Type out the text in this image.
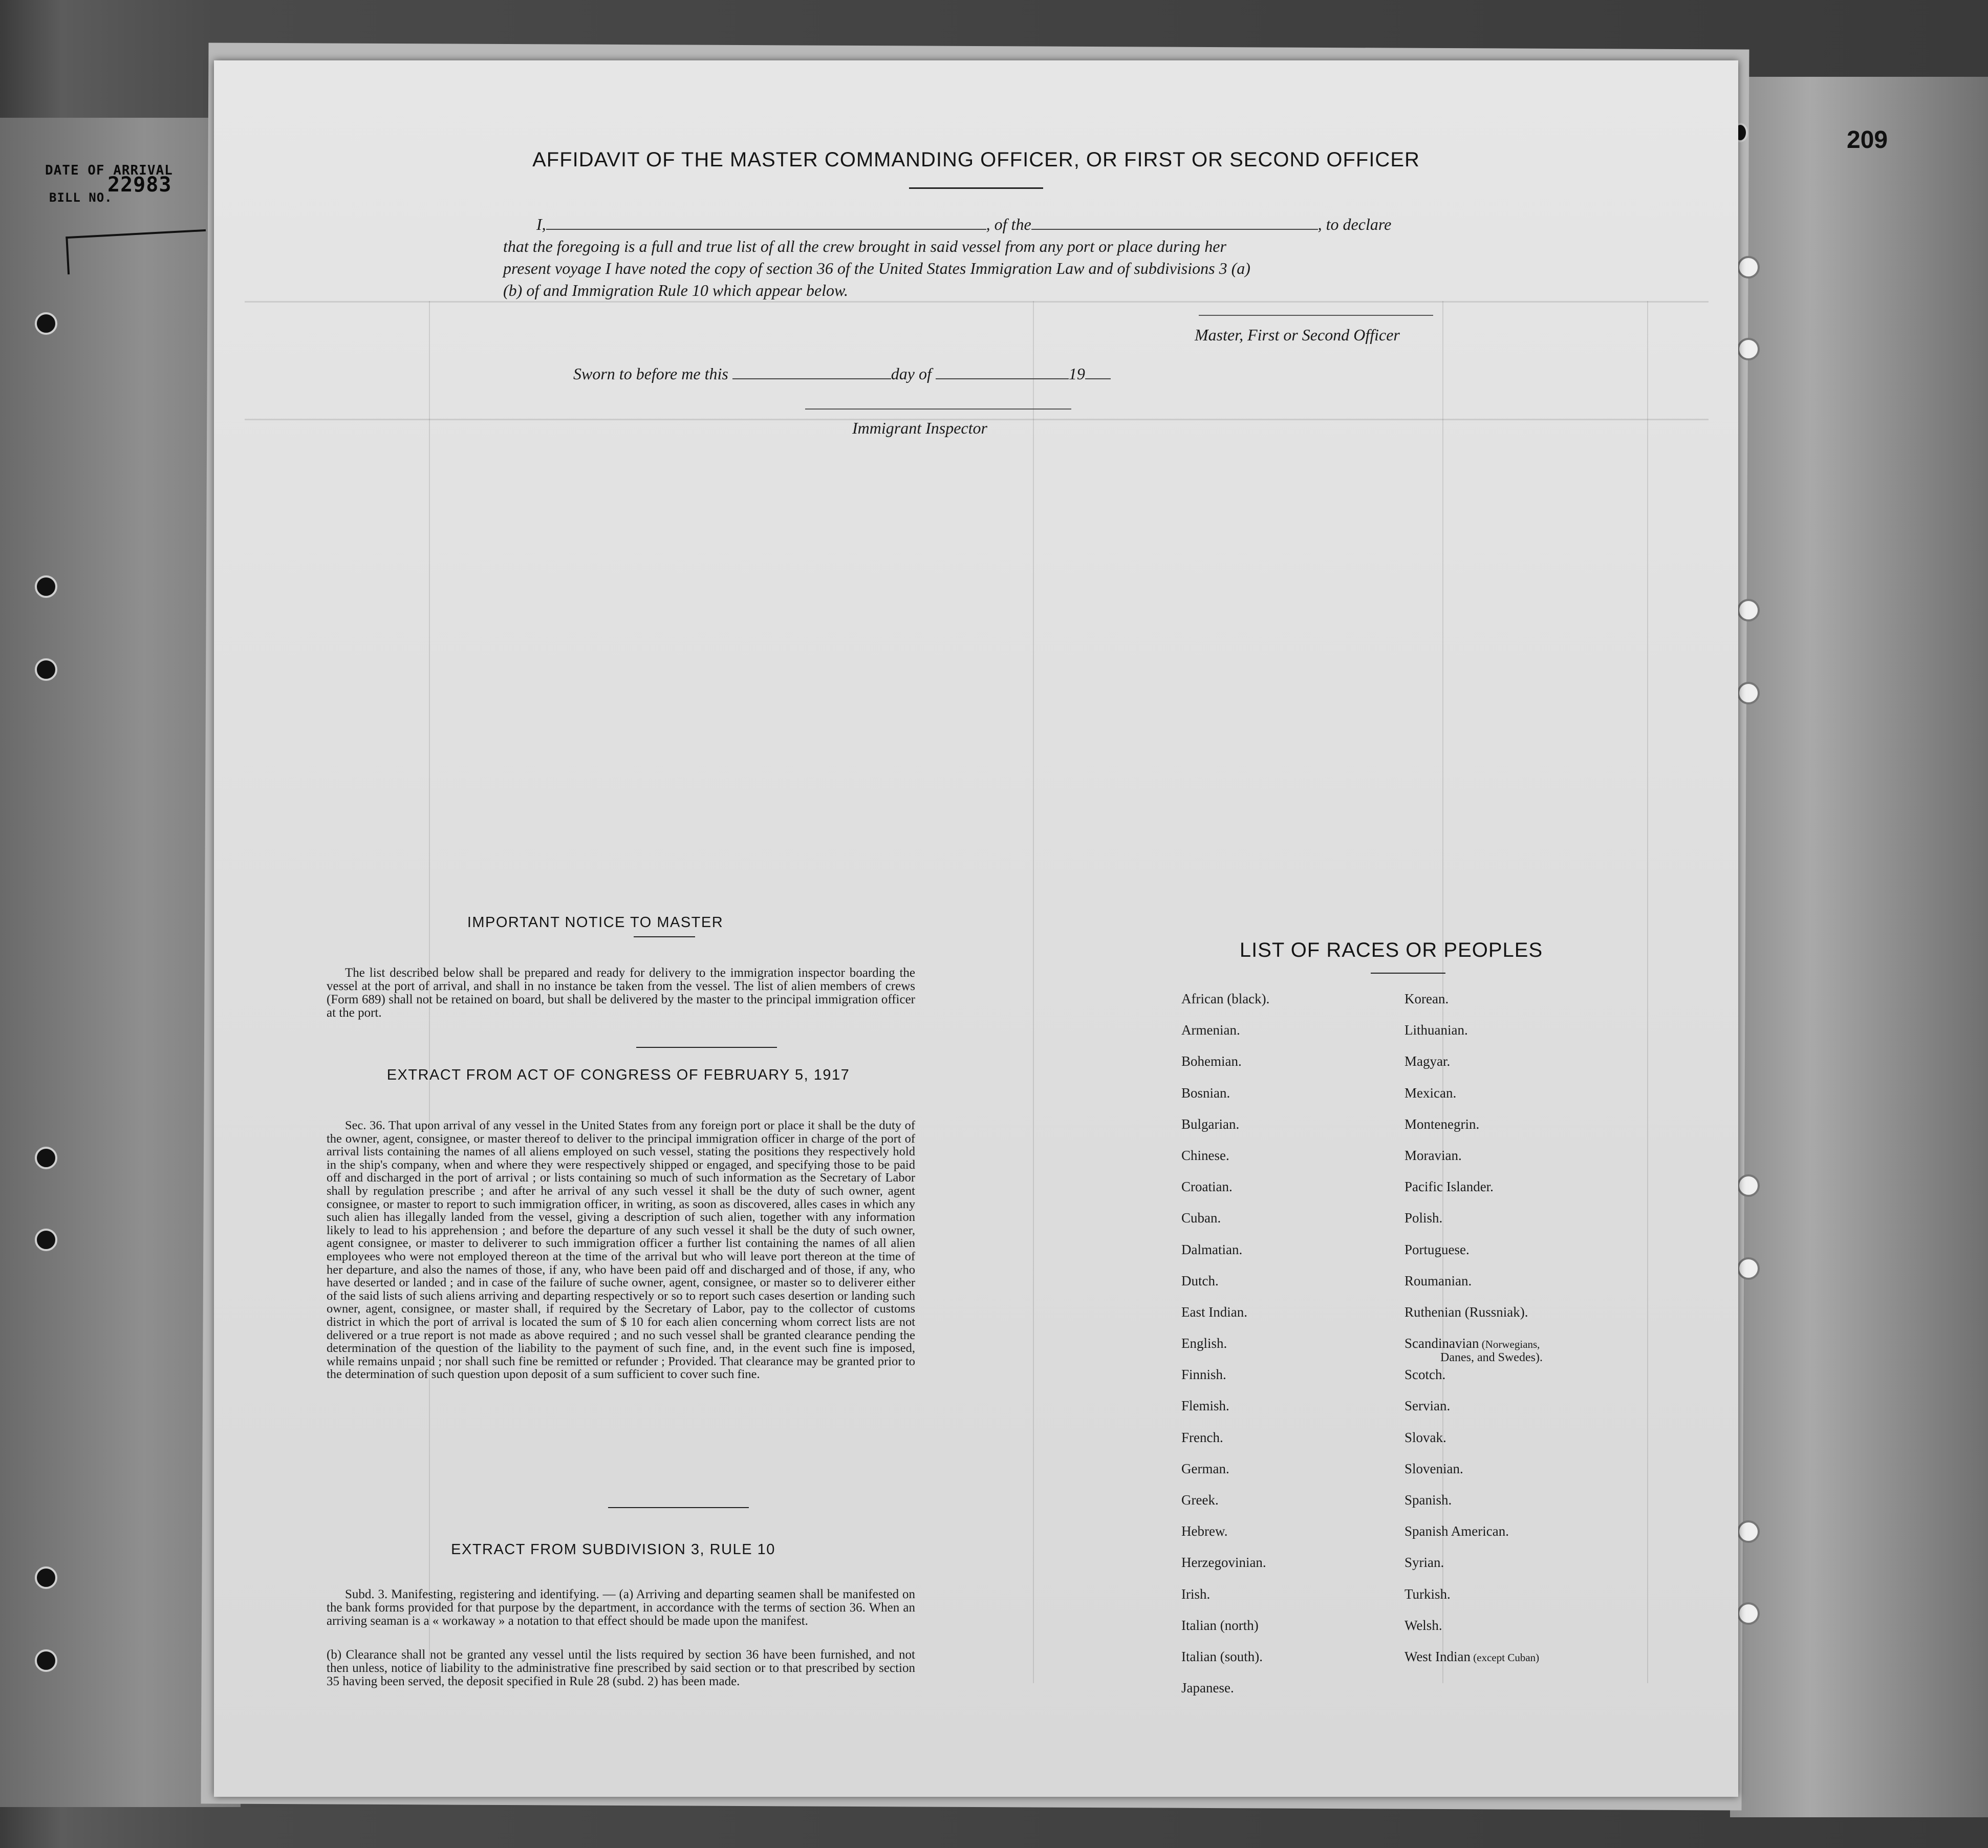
DATE OF ARRIVAL
22983
BILL NO.
209
AFFIDAVIT OF THE MASTER COMMANDING OFFICER, OR FIRST OR SECOND OFFICER
I,	, of the	, to declare
that the foregoing is a full and true list of all the crew brought in said vessel from any port or place during her
present voyage I have noted the copy of section 36 of the United States Immigration Law and of subdivisions 3 (a)
(b) of and Immigration Rule 10 which appear below.
Master, First or Second Officer
Sworn to before me this	day of	19
Immigrant Inspector
IMPORTANT NOTICE TO MASTER
The list described below shall be prepared and ready for delivery to the immigration inspector boarding the vessel at the port of arrival, and shall in no instance be taken from the vessel. The list of alien members of crews (Form 689) shall not be retained on board, but shall be delivered by the master to the principal immigration officer at the port.
EXTRACT FROM ACT OF CONGRESS OF FEBRUARY 5, 1917
Sec. 36. That upon arrival of any vessel in the United States from any foreign port or place it shall be the duty of the owner, agent, consignee, or master thereof to deliver to the principal immigration officer in charge of the port of arrival lists containing the names of all aliens employed on such vessel, stating the positions they respectively hold in the ship's company, when and where they were respectively shipped or engaged, and specifying those to be paid off and discharged in the port of arrival ; or lists containing so much of such information as the Secretary of Labor shall by regulation prescribe ; and after he arrival of any such vessel it shall be the duty of such owner, agent consignee, or master to report to such immigration officer, in writing, as soon as discovered, alles cases in which any such alien has illegally landed from the vessel, giving a description of such alien, together with any information likely to lead to his apprehension ; and before the departure of any such vessel it shall be the duty of such owner, agent consignee, or master to deliverer to such immigration officer a further list containing the names of all alien employees who were not employed thereon at the time of the arrival but who will leave port thereon at the time of her departure, and also the names of those, if any, who have been paid off and discharged and of those, if any, who have deserted or landed ; and in case of the failure of suche owner, agent, consignee, or master so to deliverer either of the said lists of such aliens arriving and departing respectively or so to report such cases desertion or landing such owner, agent, consignee, or master shall, if required by the Secretary of Labor, pay to the collector of customs district in which the port of arrival is located the sum of $ 10 for each alien concerning whom correct lists are not delivered or a true report is not made as above required ; and no such vessel shall be granted clearance pending the determination of the question of the liability to the payment of such fine, and, in the event such fine is imposed, while remains unpaid ; nor shall such fine be remitted or refunder ; Provided. That clearance may be granted prior to the determination of such question upon deposit of a sum sufficient to cover such fine.
EXTRACT FROM SUBDIVISION 3, RULE 10
Subd. 3. Manifesting, registering and identifying. — (a) Arriving and departing seamen shall be manifested on the bank forms provided for that purpose by the department, in accordance with the terms of section 36. When an arriving seaman is a « workaway » a notation to that effect should be made upon the manifest.
(b) Clearance shall not be granted any vessel until the lists required by section 36 have been furnished, and not then unless, notice of liability to the administrative fine prescribed by said section or to that prescribed by section 35 having been served, the deposit specified in Rule 28 (subd. 2) has been made.
LIST OF RACES OR PEOPLES
African (black).
Armenian.
Bohemian.
Bosnian.
Bulgarian.
Chinese.
Croatian.
Cuban.
Dalmatian.
Dutch.
East Indian.
English.
Finnish.
Flemish.
French.
German.
Greek.
Hebrew.
Herzegovinian.
Irish.
Italian (north)
Italian (south).
Japanese.
Korean.
Lithuanian.
Magyar.
Mexican.
Montenegrin.
Moravian.
Pacific Islander.
Polish.
Portuguese.
Roumanian.
Ruthenian (Russniak).
Scandinavian (Norwegians,
Danes, and Swedes).
Scotch.
Servian.
Slovak.
Slovenian.
Spanish.
Spanish American.
Syrian.
Turkish.
Welsh.
West Indian (except Cuban)
